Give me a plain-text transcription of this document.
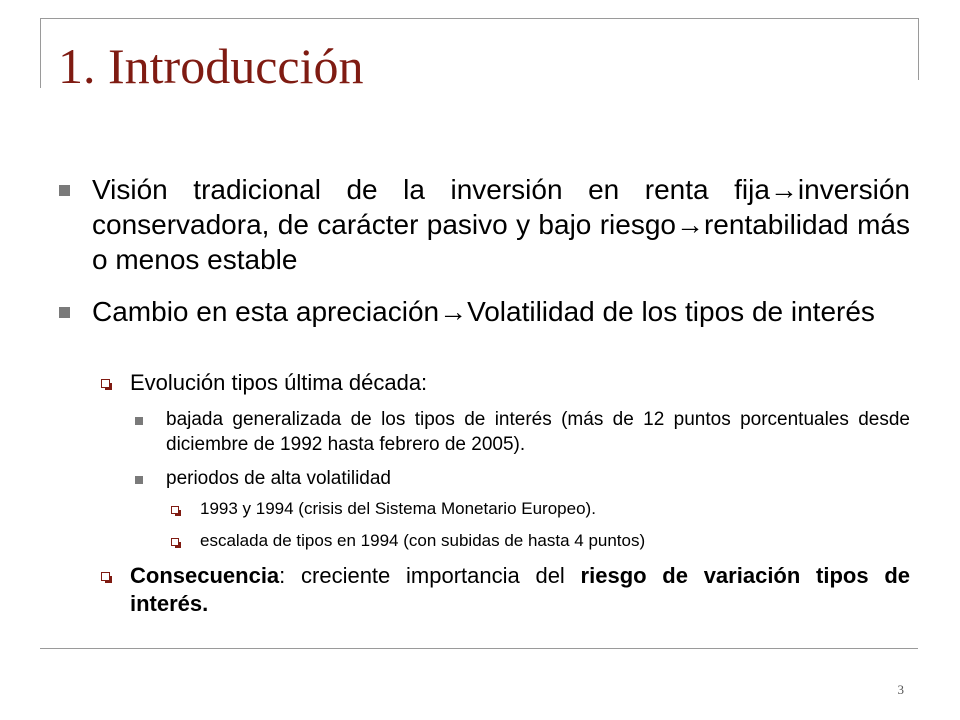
1. Introducción
Visión tradicional de la inversión en renta fija→inversión conservadora, de carácter pasivo y bajo riesgo→rentabilidad más o menos estable
Cambio en esta apreciación→Volatilidad de los tipos de interés
Evolución tipos última década:
bajada generalizada de los tipos de interés (más de 12 puntos porcentuales desde diciembre de 1992 hasta febrero de 2005).
periodos de alta volatilidad
1993 y 1994 (crisis del Sistema Monetario Europeo).
escalada de tipos en 1994 (con subidas de hasta 4 puntos)
Consecuencia: creciente importancia del riesgo de variación tipos de interés.
3
